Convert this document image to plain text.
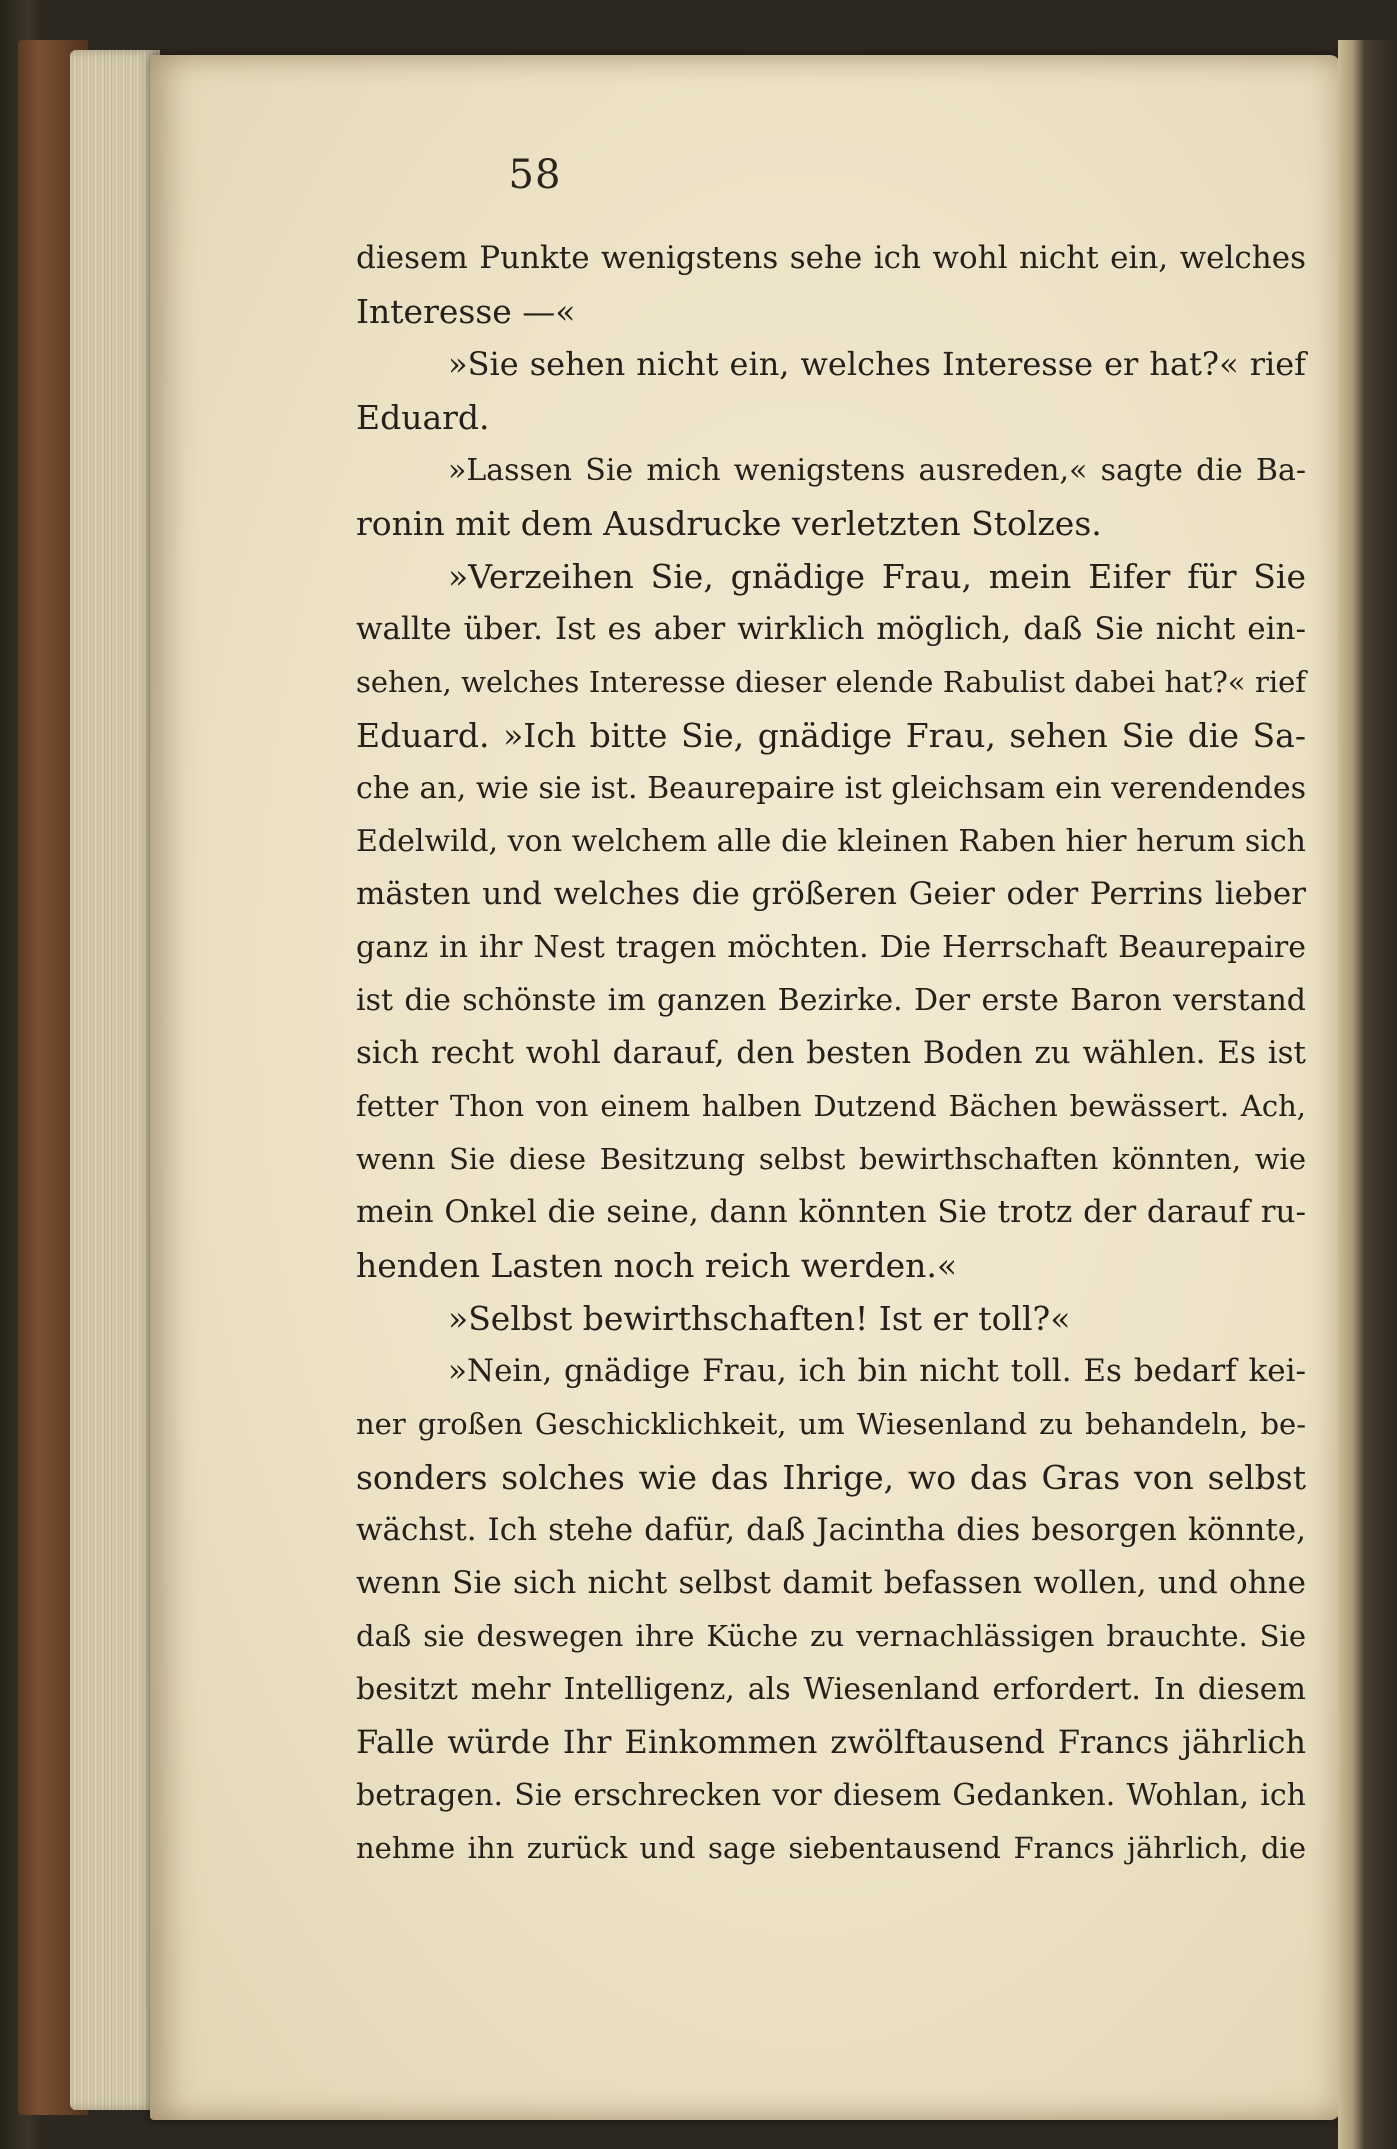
58
diesem Punkte wenigstens sehe ich wohl nicht ein, welches
Interesse —«
»Sie sehen nicht ein, welches Interesse er hat?« rief
Eduard.
»Lassen Sie mich wenigstens ausreden,« sagte die Ba-
ronin mit dem Ausdrucke verletzten Stolzes.
»Verzeihen Sie, gnädige Frau, mein Eifer für Sie
wallte über. Ist es aber wirklich möglich, daß Sie nicht ein-
sehen, welches Interesse dieser elende Rabulist dabei hat?« rief
Eduard. »Ich bitte Sie, gnädige Frau, sehen Sie die Sa-
che an, wie sie ist. Beaurepaire ist gleichsam ein verendendes
Edelwild, von welchem alle die kleinen Raben hier herum sich
mästen und welches die größeren Geier oder Perrins lieber
ganz in ihr Nest tragen möchten. Die Herrschaft Beaurepaire
ist die schönste im ganzen Bezirke. Der erste Baron verstand
sich recht wohl darauf, den besten Boden zu wählen. Es ist
fetter Thon von einem halben Dutzend Bächen bewässert. Ach,
wenn Sie diese Besitzung selbst bewirthschaften könnten, wie
mein Onkel die seine, dann könnten Sie trotz der darauf ru-
henden Lasten noch reich werden.«
»Selbst bewirthschaften! Ist er toll?«
»Nein, gnädige Frau, ich bin nicht toll. Es bedarf kei-
ner großen Geschicklichkeit, um Wiesenland zu behandeln, be-
sonders solches wie das Ihrige, wo das Gras von selbst
wächst. Ich stehe dafür, daß Jacintha dies besorgen könnte,
wenn Sie sich nicht selbst damit befassen wollen, und ohne
daß sie deswegen ihre Küche zu vernachlässigen brauchte. Sie
besitzt mehr Intelligenz, als Wiesenland erfordert. In diesem
Falle würde Ihr Einkommen zwölftausend Francs jährlich
betragen. Sie erschrecken vor diesem Gedanken. Wohlan, ich
nehme ihn zurück und sage siebentausend Francs jährlich, die
